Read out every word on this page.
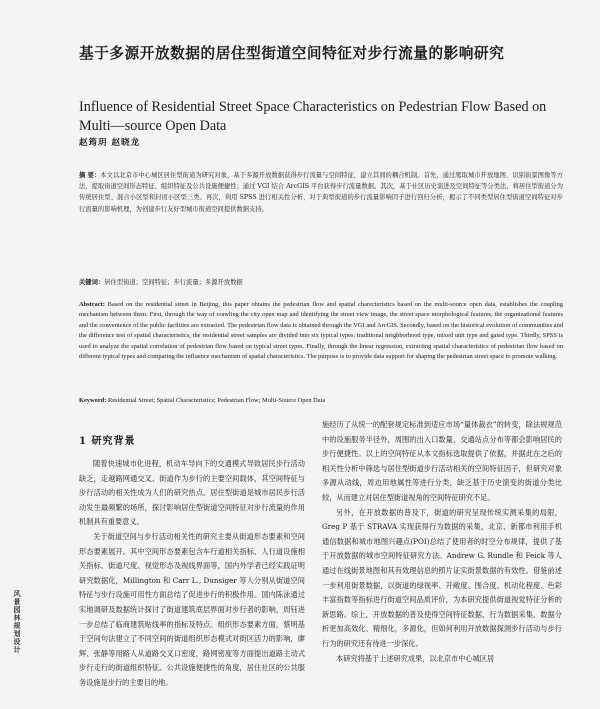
基于多源开放数据的居住型街道空间特征对步行流量的影响研究
Influence of Residential Street Space Characteristics on Pedestrian Flow Based on Multi—source Open Data
赵筠玥 赵晓龙
摘 要：本文以北京市中心城区居住型街道为研究对象，基于多源开放数据获得步行流量与空间特征，建立其间的耦合机制。首先，通过爬取城市开放地图、识别街景图像等方法，提取街道空间形态特征、组织特征及公共设施便捷性；通过 VGI 结合 ArcGIS 平台获得步行流量数据。其次，基于社区历史演进及空间特征等分类法，将居住型街道分为传统居住型、混合小区型和封闭小区型三类。再次，利用 SPSS 进行相关性分析，对于典型街道的步行流量影响因子进行回归分析，揭示了不同类型居住型街道空间特征对步行流量的影响机理，为创建步行友好型城市街道空间提供数据支持。
关键词：居住型街道；空间特征；步行流量；多源开放数据
Abstract: Based on the residential street in Beijing, this paper obtains the pedestrian flow and spatial charecteristics based on the multi-source open data, establishes the coupling mechanism between them. First, through the way of crawling the city open map and identifying the street view image, the street space morphological features, the organizational features and the convenience of the public facilities are extracted. The pedestrian flow data is obtained through the VGI and ArcGIS. Secondly, based on the historical evolution of communities and the difference test of spatial characteristics, the residential street samples are divided into six typical types: traditional neighborhood type, mixed unit type and gated type. Thirdly, SPSS is used to analyze the spatial correlation of pedestrian flow based on typical street types. Finally, through the linear regression, extracting spatial characteristics of pedestrian flow based on different typical types and comparing the influence mechanism of spatial characteristics. The purpose is to provide data support for shaping the pedestrian street space to promote walking.
Keyword: Residential Street; Spatial Characteristics; Pedestrian Flow; Multi-Source Open Data
1 研究背景

随着快速城市化进程，机动车导向下的交通模式导致居民步行活动缺乏，走越路网通交叉、街道作为步行的主要空间载体，其空间特征与步行活动的相关性成为人们的研究热点。居住型街道是城市居民步行活动发生最频繁的场所，探讨影响居住型街道空间特征对步行流量的作用机制具有重要意义。

关于街道空间与步行活动相关性的研究主要从街道形态要素和空间形态要素展开。其中空间形态要素包含车行道相关指标、人行道设施相关指标、街道尺度、视觉形态及视线界面等，国内外学者已经实践证明研究数据化，Millington 和 Carr L., Dunsiger 等人分别从街道空间特征与步行设施可用性方面总结了促进步行的积极作用。国内陈泳通过实地调研及数据统计探讨了街道建筑底层界面对步行者的影响，周钰进一步总结了临商建筑贴线率的指标及特点。组织形态要素方面，蔡明基于空间句法建立了不同空间的街道组织形态模式对街区活力的影响，廖辉、张静等用路人从道路交叉口密度，路网密度等方面提出道路主动式步行走行的街道组织特征。公共设施便捷性的角度，居住社区的公共服务设施是步行的主要目的地。

施经历了从统一的配套规定标准到适应市场“量体裁衣”的转变，除法规规范中的设施服务半径外，周围的出入口数量、交通站点分布等都会影响居民的步行便捷性。以上的空间特征从本文指标选取提供了依据，并据此在之后的相关性分析中筛选与居住型街道步行活动相关的空间特征因子，但研究对象多源从动线，周边用地属性等进行分类，缺乏基于历史演变的街道分类比较，从而建立对居住型街道视角的空间特征研究不足。

另外，在开放数据的普及下，街道的研究呈现传统实测采集的局限，Greg P 基于 STRAVA 实现获得行为数据的采集，北京、新都市利用手机通信数据和城市地图兴趣点(POI)总结了使用者的时空分布规律，提供了基于开放数据的城市空间特征研究方法。Andrew G. Rundle 和 Feick 等人通过在线街景地图和其有效理信息的照片证实街景数据的有效性。借鉴前述一步利用街景数据，以街道的绿视率、开敞度、围合度、机动化程度、色彩丰富指数等指标进行街道空间品质评价，为本研究提供街道视觉特征分析的新思路。综上，开放数据的普及使得空间特征数据、行为数据采集、数据分析更加高效化、精细化，多源化，但如何利用开放数据探测步行活动与步行行为的研究还有待进一步深化。

本研究将基于上述研究成果，以北京市中心城区居

风景园林规划设计
